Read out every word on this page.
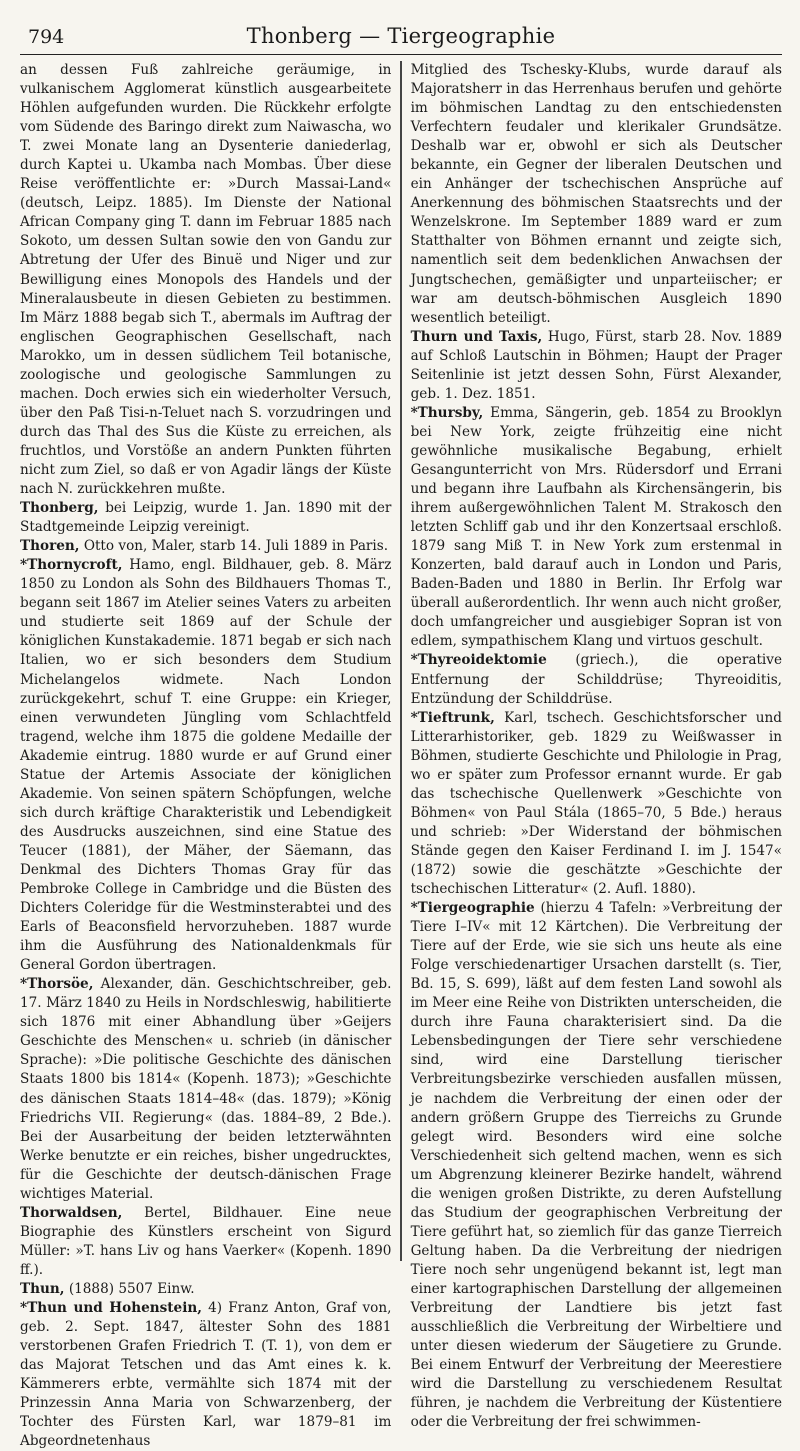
794	Thonberg — Tiergeographie

an dessen Fuß zahlreiche geräumige, in vulkanischem Agglomerat künstlich ausgearbeitete Höhlen aufgefunden wurden. Die Rückkehr erfolgte vom Südende des Baringo direkt zum Naiwascha, wo T. zwei Monate lang an Dysenterie daniederlag, durch Kaptei u. Ukamba nach Mombas. Über diese Reise veröffentlichte er: »Durch Massai-Land« (deutsch, Leipz. 1885). Im Dienste der National African Company ging T. dann im Februar 1885 nach Sokoto, um dessen Sultan sowie den von Gandu zur Abtretung der Ufer des Binuë und Niger und zur Bewilligung eines Monopols des Handels und der Mineralausbeute in diesen Gebieten zu bestimmen. Im März 1888 begab sich T., abermals im Auftrag der englischen Geographischen Gesellschaft, nach Marokko, um in dessen südlichem Teil botanische, zoologische und geologische Sammlungen zu machen. Doch erwies sich ein wiederholter Versuch, über den Paß Tisi-n-Teluet nach S. vorzudringen und durch das Thal des Sus die Küste zu erreichen, als fruchtlos, und Vorstöße an andern Punkten führten nicht zum Ziel, so daß er von Agadir längs der Küste nach N. zurückkehren mußte.

Thonberg, bei Leipzig, wurde 1. Jan. 1890 mit der Stadtgemeinde Leipzig vereinigt.

Thoren, Otto von, Maler, starb 14. Juli 1889 in Paris.

*Thornycroft, Hamo, engl. Bildhauer, geb. 8. März 1850 zu London als Sohn des Bildhauers Thomas T., begann seit 1867 im Atelier seines Vaters zu arbeiten und studierte seit 1869 auf der Schule der königlichen Kunstakademie. 1871 begab er sich nach Italien, wo er sich besonders dem Studium Michelangelos widmete. Nach London zurückgekehrt, schuf T. eine Gruppe: ein Krieger, einen verwundeten Jüngling vom Schlachtfeld tragend, welche ihm 1875 die goldene Medaille der Akademie eintrug. 1880 wurde er auf Grund einer Statue der Artemis Associate der königlichen Akademie. Von seinen spätern Schöpfungen, welche sich durch kräftige Charakteristik und Lebendigkeit des Ausdrucks auszeichnen, sind eine Statue des Teucer (1881), der Mäher, der Säemann, das Denkmal des Dichters Thomas Gray für das Pembroke College in Cambridge und die Büsten des Dichters Coleridge für die Westminsterabtei und des Earls of Beaconsfield hervorzuheben. 1887 wurde ihm die Ausführung des Nationaldenkmals für General Gordon übertragen.

*Thorsöe, Alexander, dän. Geschichtschreiber, geb. 17. März 1840 zu Heils in Nordschleswig, habilitierte sich 1876 mit einer Abhandlung über »Geijers Geschichte des Menschen« u. schrieb (in dänischer Sprache): »Die politische Geschichte des dänischen Staats 1800 bis 1814« (Kopenh. 1873); »Geschichte des dänischen Staats 1814–48« (das. 1879); »König Friedrichs VII. Regierung« (das. 1884–89, 2 Bde.). Bei der Ausarbeitung der beiden letzterwähnten Werke benutzte er ein reiches, bisher ungedrucktes, für die Geschichte der deutsch-dänischen Frage wichtiges Material.

Thorwaldsen, Bertel, Bildhauer. Eine neue Biographie des Künstlers erscheint von Sigurd Müller: »T. hans Liv og hans Vaerker« (Kopenh. 1890 ff.).

Thun, (1888) 5507 Einw.

*Thun und Hohenstein, 4) Franz Anton, Graf von, geb. 2. Sept. 1847, ältester Sohn des 1881 verstorbenen Grafen Friedrich T. (T. 1), von dem er das Majorat Tetschen und das Amt eines k. k. Kämmerers erbte, vermählte sich 1874 mit der Prinzessin Anna Maria von Schwarzenberg, der Tochter des Fürsten Karl, war 1879–81 im Abgeordnetenhaus

Mitglied des Tschesky-Klubs, wurde darauf als Majoratsherr in das Herrenhaus berufen und gehörte im böhmischen Landtag zu den entschiedensten Verfechtern feudaler und klerikaler Grundsätze. Deshalb war er, obwohl er sich als Deutscher bekannte, ein Gegner der liberalen Deutschen und ein Anhänger der tschechischen Ansprüche auf Anerkennung des böhmischen Staatsrechts und der Wenzelskrone. Im September 1889 ward er zum Statthalter von Böhmen ernannt und zeigte sich, namentlich seit dem bedenklichen Anwachsen der Jungtschechen, gemäßigter und unparteiischer; er war am deutsch-böhmischen Ausgleich 1890 wesentlich beteiligt.

Thurn und Taxis, Hugo, Fürst, starb 28. Nov. 1889 auf Schloß Lautschin in Böhmen; Haupt der Prager Seitenlinie ist jetzt dessen Sohn, Fürst Alexander, geb. 1. Dez. 1851.

*Thursby, Emma, Sängerin, geb. 1854 zu Brooklyn bei New York, zeigte frühzeitig eine nicht gewöhnliche musikalische Begabung, erhielt Gesangunterricht von Mrs. Rüdersdorf und Errani und begann ihre Laufbahn als Kirchensängerin, bis ihrem außergewöhnlichen Talent M. Strakosch den letzten Schliff gab und ihr den Konzertsaal erschloß. 1879 sang Miß T. in New York zum erstenmal in Konzerten, bald darauf auch in London und Paris, Baden-Baden und 1880 in Berlin. Ihr Erfolg war überall außerordentlich. Ihr wenn auch nicht großer, doch umfangreicher und ausgiebiger Sopran ist von edlem, sympathischem Klang und virtuos geschult.

*Thyreoidektomie (griech.), die operative Entfernung der Schilddrüse; Thyreoiditis, Entzündung der Schilddrüse.

*Tieftrunk, Karl, tschech. Geschichtsforscher und Litterarhistoriker, geb. 1829 zu Weißwasser in Böhmen, studierte Geschichte und Philologie in Prag, wo er später zum Professor ernannt wurde. Er gab das tschechische Quellenwerk »Geschichte von Böhmen« von Paul Stála (1865–70, 5 Bde.) heraus und schrieb: »Der Widerstand der böhmischen Stände gegen den Kaiser Ferdinand I. im J. 1547« (1872) sowie die geschätzte »Geschichte der tschechischen Litteratur« (2. Aufl. 1880).

*Tiergeographie (hierzu 4 Tafeln: »Verbreitung der Tiere I–IV« mit 12 Kärtchen). Die Verbreitung der Tiere auf der Erde, wie sie sich uns heute als eine Folge verschiedenartiger Ursachen darstellt (s. Tier, Bd. 15, S. 699), läßt auf dem festen Land sowohl als im Meer eine Reihe von Distrikten unterscheiden, die durch ihre Fauna charakterisiert sind. Da die Lebensbedingungen der Tiere sehr verschiedene sind, wird eine Darstellung tierischer Verbreitungsbezirke verschieden ausfallen müssen, je nachdem die Verbreitung der einen oder der andern größern Gruppe des Tierreichs zu Grunde gelegt wird. Besonders wird eine solche Verschiedenheit sich geltend machen, wenn es sich um Abgrenzung kleinerer Bezirke handelt, während die wenigen großen Distrikte, zu deren Aufstellung das Studium der geographischen Verbreitung der Tiere geführt hat, so ziemlich für das ganze Tierreich Geltung haben. Da die Verbreitung der niedrigen Tiere noch sehr ungenügend bekannt ist, legt man einer kartographischen Darstellung der allgemeinen Verbreitung der Landtiere bis jetzt fast ausschließlich die Verbreitung der Wirbeltiere und unter diesen wiederum der Säugetiere zu Grunde. Bei einem Entwurf der Verbreitung der Meerestiere wird die Darstellung zu verschiedenem Resultat führen, je nachdem die Verbreitung der Küstentiere oder die Verbreitung der frei schwimmen-
